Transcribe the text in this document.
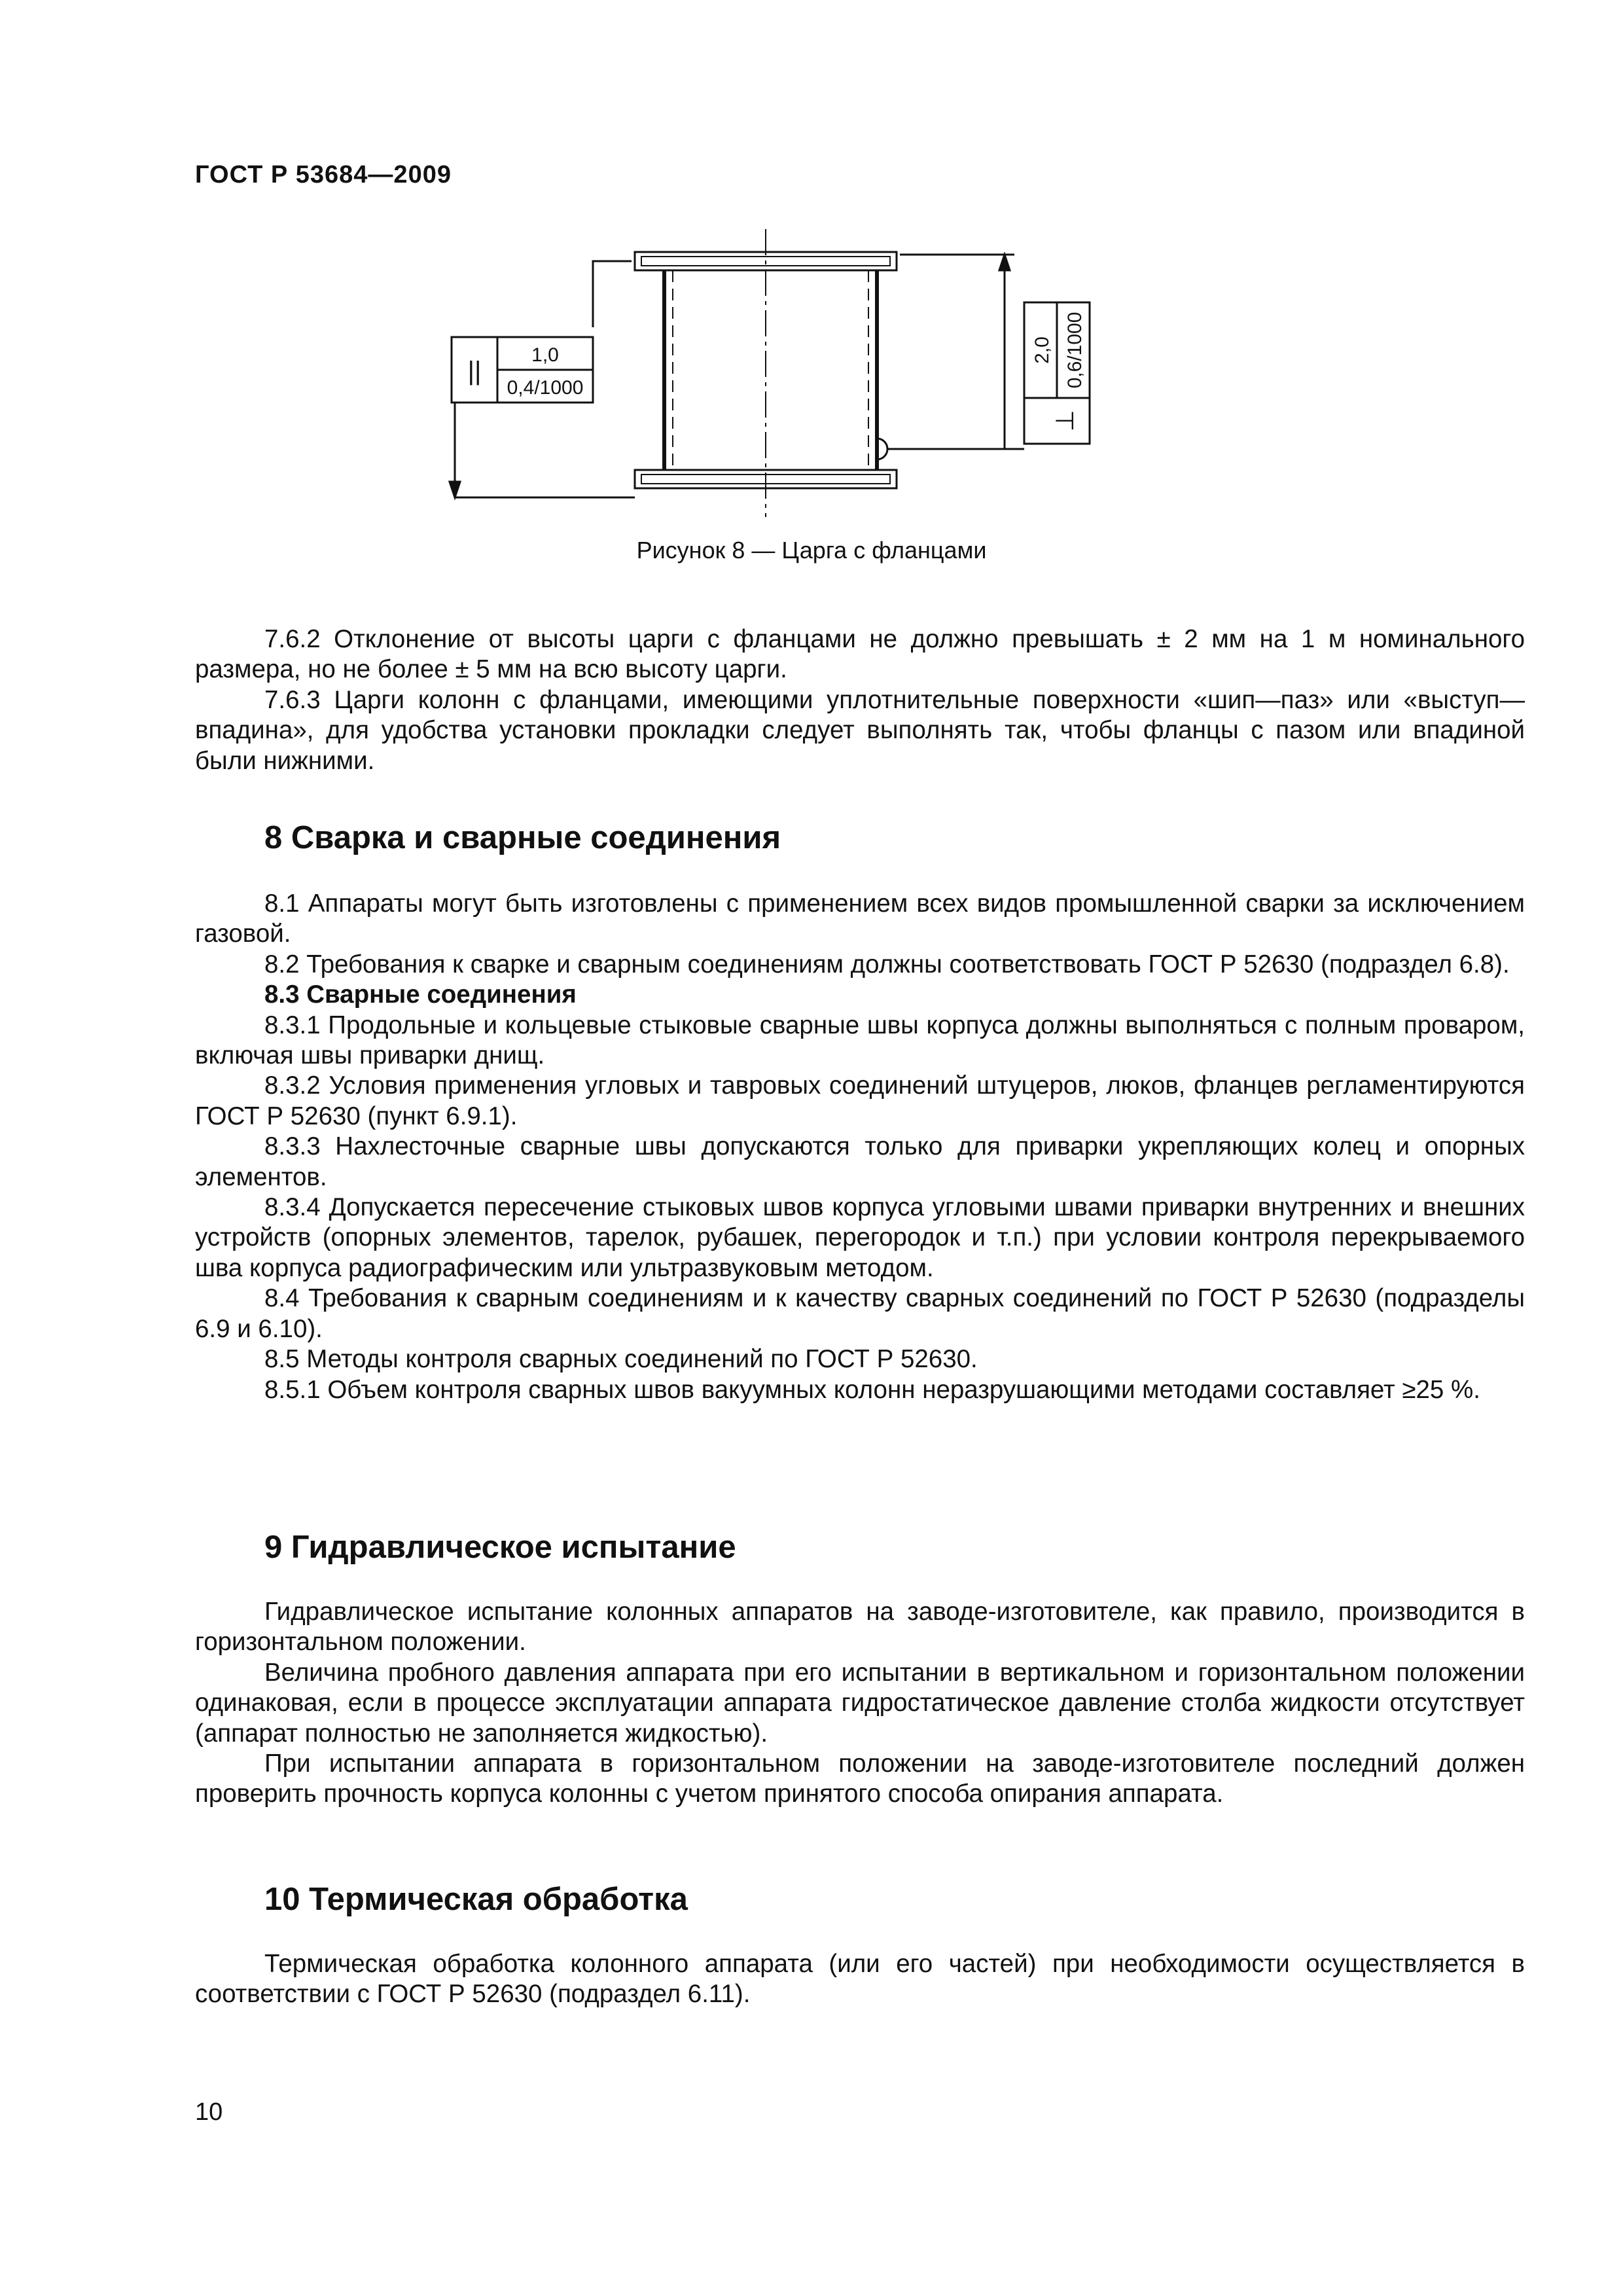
ГОСТ Р 53684—2009
||
1,0
0,4/1000
2,0 0,6/1000
⊥
Рисунок 8 — Царга с фланцами

7.6.2 Отклонение от высоты царги с фланцами не должно превышать ± 2 мм на 1 м номинального размера, но не более ± 5 мм на всю высоту царги.

7.6.3 Царги колонн с фланцами, имеющими уплотнительные поверхности «шип—паз» или «выступ—впадина», для удобства установки прокладки следует выполнять так, чтобы фланцы с пазом или впадиной были нижними.

8 Сварка и сварные соединения

8.1 Аппараты могут быть изготовлены с применением всех видов промышленной сварки за исключением газовой.

8.2 Требования к сварке и сварным соединениям должны соответствовать ГОСТ Р 52630 (подраздел 6.8).

8.3 Сварные соединения

8.3.1 Продольные и кольцевые стыковые сварные швы корпуса должны выполняться с полным проваром, включая швы приварки днищ.

8.3.2 Условия применения угловых и тавровых соединений штуцеров, люков, фланцев регламентируются ГОСТ Р 52630 (пункт 6.9.1).

8.3.3 Нахлесточные сварные швы допускаются только для приварки укрепляющих колец и опорных элементов.

8.3.4 Допускается пересечение стыковых швов корпуса угловыми швами приварки внутренних и внешних устройств (опорных элементов, тарелок, рубашек, перегородок и т.п.) при условии контроля перекрываемого шва корпуса радиографическим или ультразвуковым методом.

8.4 Требования к сварным соединениям и к качеству сварных соединений по ГОСТ Р 52630 (подразделы 6.9 и 6.10).

8.5 Методы контроля сварных соединений по ГОСТ Р 52630.

8.5.1 Объем контроля сварных швов вакуумных колонн неразрушающими методами составляет ≥25 %.

9 Гидравлическое испытание

Гидравлическое испытание колонных аппаратов на заводе-изготовителе, как правило, производится в горизонтальном положении.

Величина пробного давления аппарата при его испытании в вертикальном и горизонтальном положении одинаковая, если в процессе эксплуатации аппарата гидростатическое давление столба жидкости отсутствует (аппарат полностью не заполняется жидкостью).

При испытании аппарата в горизонтальном положении на заводе-изготовителе последний должен проверить прочность корпуса колонны с учетом принятого способа опирания аппарата.

10 Термическая обработка

Термическая обработка колонного аппарата (или его частей) при необходимости осуществляется в соответствии с ГОСТ Р 52630 (подраздел 6.11).

10
